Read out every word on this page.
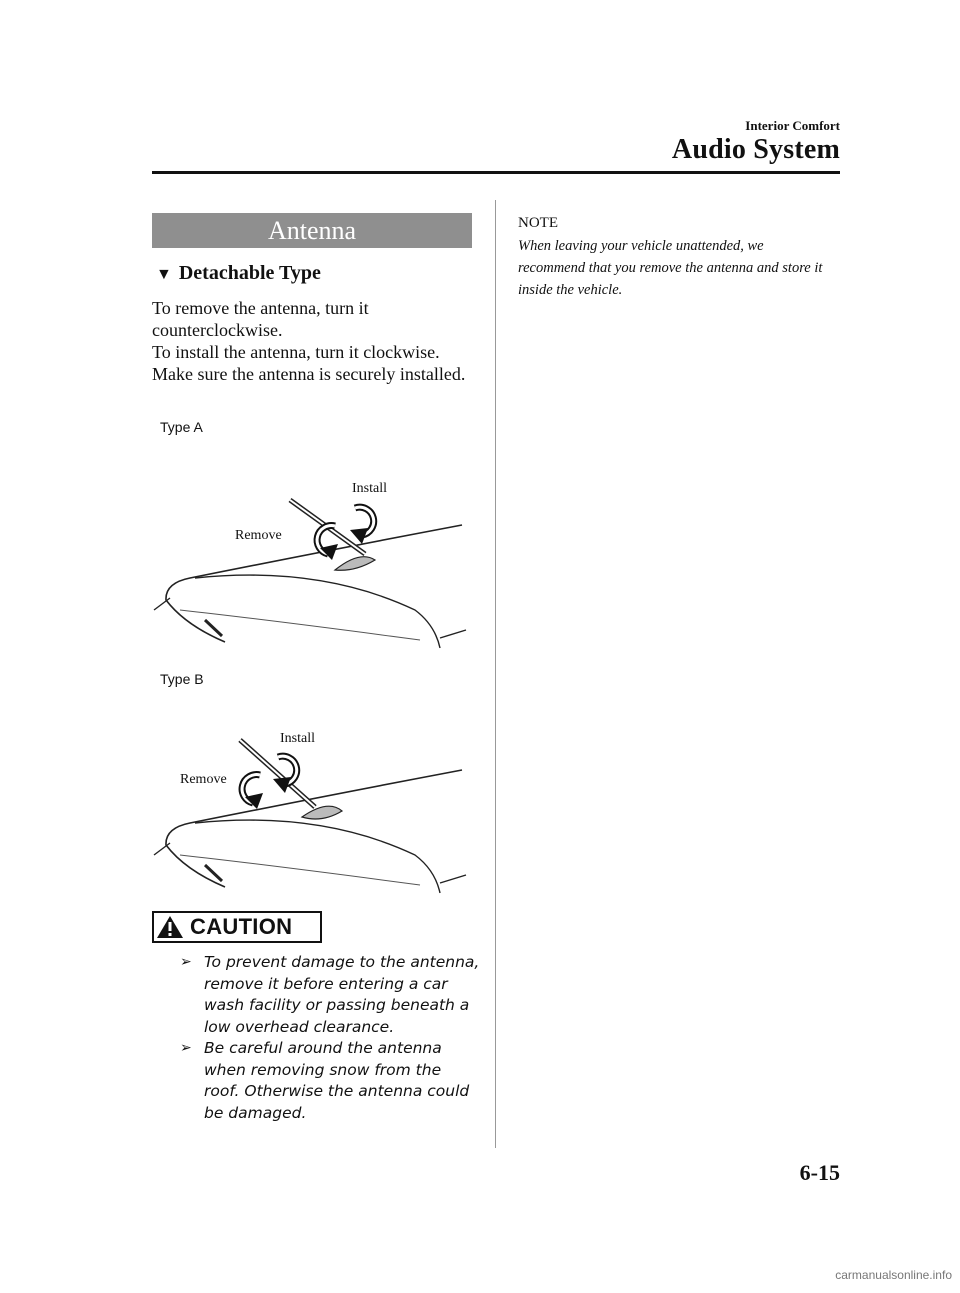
Interior Comfort
Audio System
Antenna
▼ Detachable Type

To remove the antenna, turn it counterclockwise.

To install the antenna, turn it clockwise.

Make sure the antenna is securely installed.

Type A
Install
Remove
Type B
Install
Remove
CAUTION
➢ To prevent damage to the antenna, remove it before entering a car wash facility or passing beneath a low overhead clearance.
➢ Be careful around the antenna when removing snow from the roof. Otherwise the antenna could be damaged.
NOTE
When leaving your vehicle unattended, we recommend that you remove the antenna and store it inside the vehicle.
6-15
carmanualsonline.info
